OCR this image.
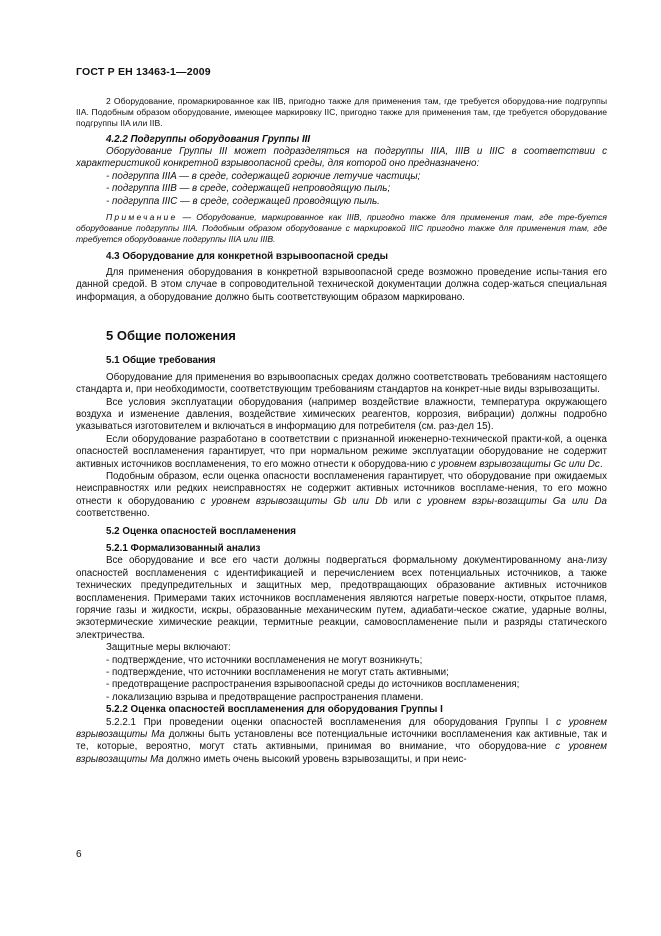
ГОСТ Р ЕН 13463-1—2009

2 Оборудование, промаркированное как IIB, пригодно также для применения там, где требуется оборудова-ние подгруппы IIA. Подобным образом оборудование, имеющее маркировку IIC, пригодно также для применения там, где требуется оборудование подгруппы IIA или IIB.

4.2.2 Подгруппы оборудования Группы III

Оборудование Группы III может подразделяться на подгруппы IIIA, IIIB и IIIC в соответствии с характеристикой конкретной взрывоопасной среды, для которой оно предназначено:

- подгруппа IIIA — в среде, содержащей горючие летучие частицы;

- подгруппа IIIB — в среде, содержащей непроводящую пыль;

- подгруппа IIIC — в среде, содержащей проводящую пыль.

Примечание — Оборудование, маркированное как IIIB, пригодно также для применения там, где тре-буется оборудование подгруппы IIIA. Подобным образом оборудование с маркировкой IIIC пригодно также для применения там, где требуется оборудование подгруппы IIIA или IIIB.

4.3 Оборудование для конкретной взрывоопасной среды

Для применения оборудования в конкретной взрывоопасной среде возможно проведение испы-тания его данной средой. В этом случае в сопроводительной технической документации должна содер-жаться специальная информация, а оборудование должно быть соответствующим образом маркировано.

5 Общие положения

5.1 Общие требования

Оборудование для применения во взрывоопасных средах должно соответствовать требованиям настоящего стандарта и, при необходимости, соответствующим требованиям стандартов на конкрет-ные виды взрывозащиты.

Все условия эксплуатации оборудования (например воздействие влажности, температура окружающего воздуха и изменение давления, воздействие химических реагентов, коррозия, вибрации) должны подробно указываться изготовителем и включаться в информацию для потребителя (см. раз-дел 15).

Если оборудование разработано в соответствии с признанной инженерно-технической практи-кой, а оценка опасностей воспламенения гарантирует, что при нормальном режиме эксплуатации оборудование не содержит активных источников воспламенения, то его можно отнести к оборудова-нию с уровнем взрывозащиты Gc или Dc.

Подобным образом, если оценка опасности воспламенения гарантирует, что оборудование при ожидаемых неисправностях или редких неисправностях не содержит активных источников воспламе-нения, то его можно отнести к оборудованию с уровнем взрывозащиты Gb или Db или с уровнем взры-возащиты Ga или Da соответственно.

5.2 Оценка опасностей воспламенения

5.2.1 Формализованный анализ

Все оборудование и все его части должны подвергаться формальному документированному ана-лизу опасностей воспламенения с идентификацией и перечислением всех потенциальных источников, а также технических предупредительных и защитных мер, предотвращающих образование активных источников воспламенения. Примерами таких источников воспламенения являются нагретые поверх-ности, открытое пламя, горячие газы и жидкости, искры, образованные механическим путем, адиабати-ческое сжатие, ударные волны, экзотермические химические реакции, термитные реакции, самовоспламенение пыли и разряды статического электричества.

Защитные меры включают:

- подтверждение, что источники воспламенения не могут возникнуть;

- подтверждение, что источники воспламенения не могут стать активными;

- предотвращение распространения взрывоопасной среды до источников воспламенения;

- локализацию взрыва и предотвращение распространения пламени.

5.2.2 Оценка опасностей воспламенения для оборудования Группы I

5.2.2.1 При проведении оценки опасностей воспламенения для оборудования Группы I с уровнем взрывозащиты Ma должны быть установлены все потенциальные источники воспламенения как активные, так и те, которые, вероятно, могут стать активными, принимая во внимание, что оборудова-ние с уровнем взрывозащиты Ma должно иметь очень высокий уровень взрывозащиты, и при неис-

6
